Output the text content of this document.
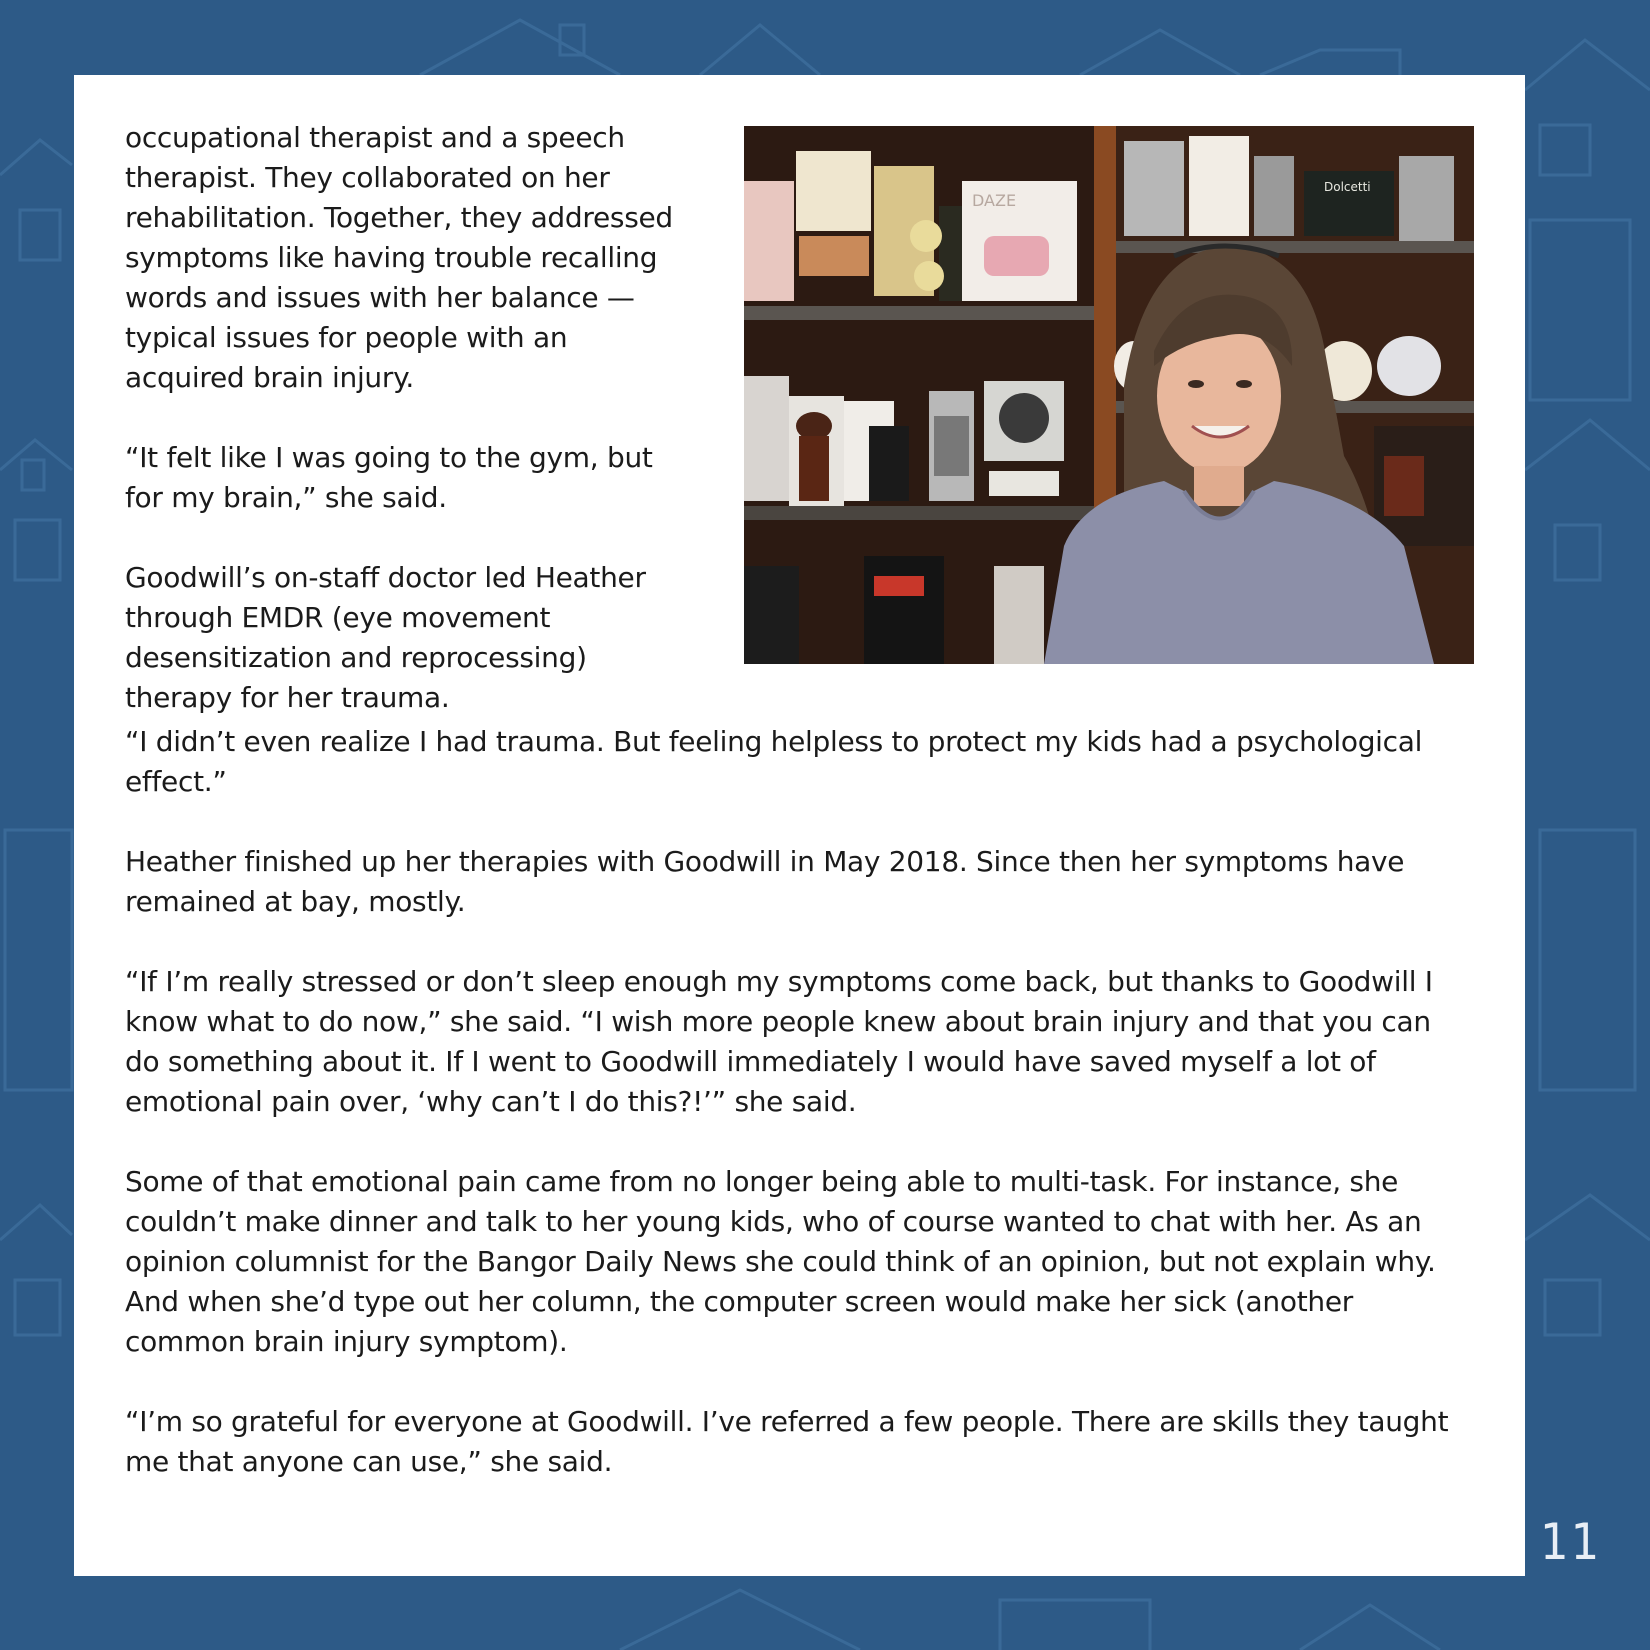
occupational therapist and a speech therapist. They collaborated on her rehabilitation. Together, they addressed symptoms like having trouble recalling words and issues with her balance — typical issues for people with an acquired brain injury.

“It felt like I was going to the gym, but for my brain,” she said.

Goodwill’s on-staff doctor led Heather through EMDR (eye movement desensitization and reprocessing) therapy for her trauma.

DAZE
Dolcetti

“I didn’t even realize I had trauma. But feeling helpless to protect my kids had a psychological effect.”

Heather finished up her therapies with Goodwill in May 2018. Since then her symptoms have remained at bay, mostly.

“If I’m really stressed or don’t sleep enough my symptoms come back, but thanks to Goodwill I know what to do now,” she said. “I wish more people knew about brain injury and that you can do something about it. If I went to Goodwill immediately I would have saved myself a lot of emotional pain over, ‘why can’t I do this?!’” she said.

Some of that emotional pain came from no longer being able to multi-task. For instance, she couldn’t make dinner and talk to her young kids, who of course wanted to chat with her. As an opinion columnist for the Bangor Daily News she could think of an opinion, but not explain why. And when she’d type out her column, the computer screen would make her sick (another common brain injury symptom).

“I’m so grateful for everyone at Goodwill. I’ve referred a few people. There are skills they taught me that anyone can use,” she said.

11
